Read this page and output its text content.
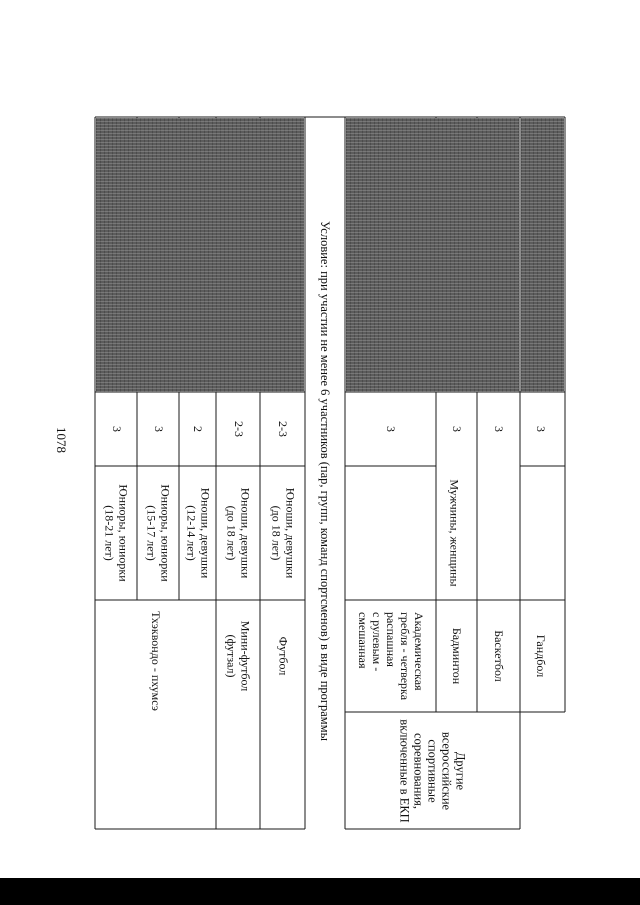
1078	3
Юниоры, юниорки
(18-21 лет)
3
Юниоры, юниорки
(15-17 лет)
2
Юноши, девушки
(12-14 лет)
Тхэквондо - пхумсэ
2-3
Юноши, девушки
(до 18 лет)
Мини-футбол
(футзал)
2-3
Юноши, девушки
(до 18 лет)
Футбол Условие: при участии не менее 6 участников (пар, групп, команд спортсменов) в виде программы	3
Академическая
гребля - четверка
распашная
с рулевым -
смешанная
Мужчины, женщины
3
Бадминтон
3
Баскетбол
3
Гандбол
Другие
всероссийские
спортивные
соревнования,
включенные в ЕКП
